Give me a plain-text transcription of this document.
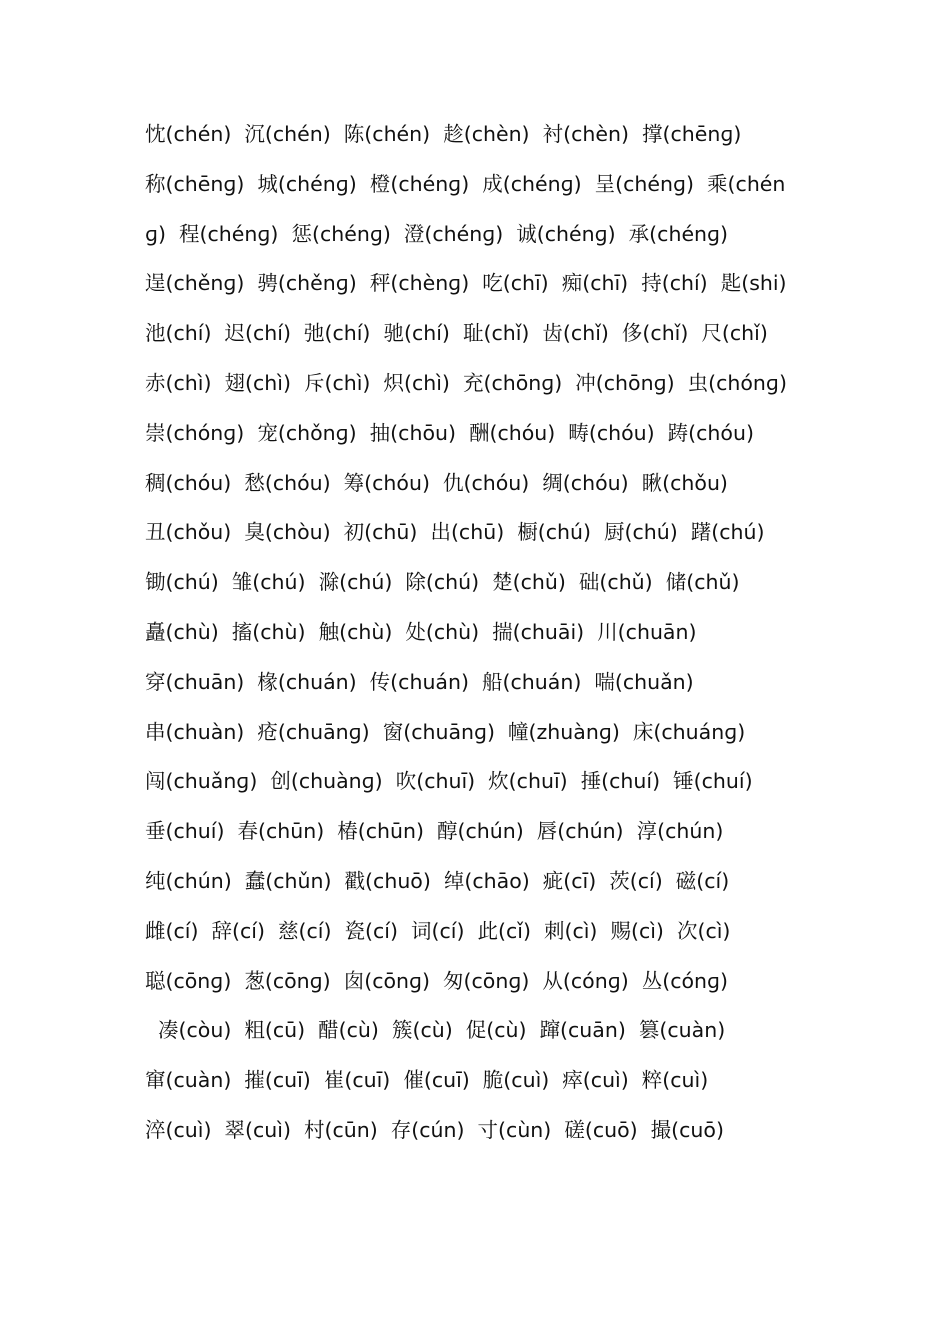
忱(chén)  沉(chén)  陈(chén)  趁(chèn)  衬(chèn)  撑(chēnɡ)
称(chēnɡ)  城(chénɡ)  橙(chénɡ)  成(chénɡ)  呈(chénɡ)  乘(chén
ɡ)  程(chénɡ)  惩(chénɡ)  澄(chénɡ)  诚(chénɡ)  承(chénɡ)
逞(chěnɡ)  骋(chěnɡ)  秤(chènɡ)  吃(chī)  痴(chī)  持(chí)  匙(shi)
池(chí)  迟(chí)  弛(chí)  驰(chí)  耻(chǐ)  齿(chǐ)  侈(chǐ)  尺(chǐ)
赤(chì)  翅(chì)  斥(chì)  炽(chì)  充(chōnɡ)  冲(chōnɡ)  虫(chónɡ)
崇(chónɡ)  宠(chǒnɡ)  抽(chōu)  酬(chóu)  畴(chóu)  踌(chóu)
稠(chóu)  愁(chóu)  筹(chóu)  仇(chóu)  绸(chóu)  瞅(chǒu)
丑(chǒu)  臭(chòu)  初(chū)  出(chū)  橱(chú)  厨(chú)  躇(chú)
锄(chú)  雏(chú)  滁(chú)  除(chú)  楚(chǔ)  础(chǔ)  储(chǔ)
矗(chù)  搐(chù)  触(chù)  处(chù)  揣(chuāi)  川(chuān)
穿(chuān)  椽(chuán)  传(chuán)  船(chuán)  喘(chuǎn)
串(chuàn)  疮(chuānɡ)  窗(chuānɡ)  幢(zhuànɡ)  床(chuánɡ)
闯(chuǎnɡ)  创(chuànɡ)  吹(chuī)  炊(chuī)  捶(chuí)  锤(chuí)
垂(chuí)  春(chūn)  椿(chūn)  醇(chún)  唇(chún)  淳(chún)
纯(chún)  蠢(chǔn)  戳(chuō)  绰(chāo)  疵(cī)  茨(cí)  磁(cí)
雌(cí)  辞(cí)  慈(cí)  瓷(cí)  词(cí)  此(cǐ)  刺(cì)  赐(cì)  次(cì)
聪(cōnɡ)  葱(cōnɡ)  囱(cōnɡ)  匆(cōnɡ)  从(cónɡ)  丛(cónɡ)
凑(còu)  粗(cū)  醋(cù)  簇(cù)  促(cù)  蹿(cuān)  篡(cuàn)
窜(cuàn)  摧(cuī)  崔(cuī)  催(cuī)  脆(cuì)  瘁(cuì)  粹(cuì)
淬(cuì)  翠(cuì)  村(cūn)  存(cún)  寸(cùn)  磋(cuō)  撮(cuō)
